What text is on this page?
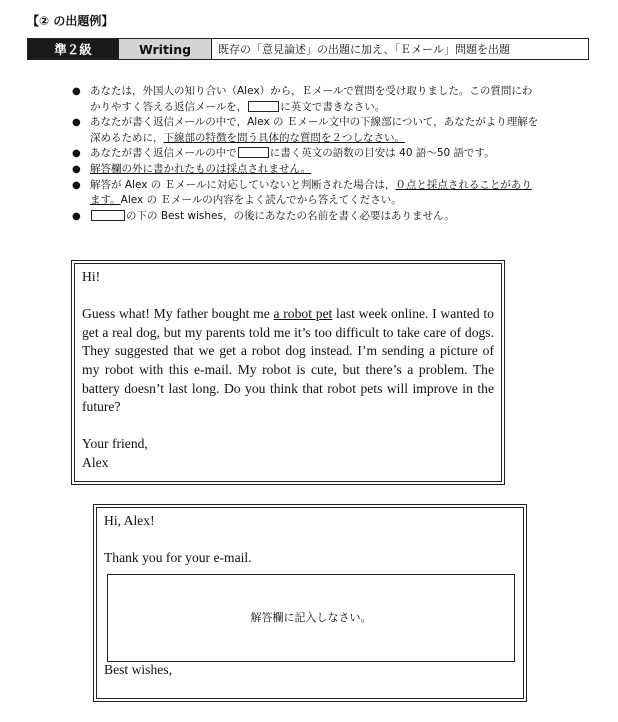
【② の出題例】
準２級	Writing	既存の「意見論述」の出題に加え、「Ｅメール」問題を出題
● あなたは，外国人の知り合い（Alex）から，Ｅメールで質問を受け取りました。この質問にわかりやすく答える返信メールを，	に英文で書きなさい。
● あなたが書く返信メールの中で，Alex の Ｅメール文中の下線部について，あなたがより理解を深めるために，下線部の特徴を問う具体的な質問を２つしなさい。
● あなたが書く返信メールの中で	に書く英文の語数の目安は 40 語〜50 語です。
● 解答欄の外に書かれたものは採点されません。
● 解答が Alex の Ｅメールに対応していないと判断された場合は，０点と採点されることがあります。Alex の Ｅメールの内容をよく読んでから答えてください。
●	の下の Best wishes，の後にあなたの名前を書く必要はありません。

Hi!

Guess what! My father bought me a robot pet last week online. I wanted to get a real dog, but my parents told me it’s too difficult to take care of dogs. They suggested that we get a robot dog instead. I’m sending a picture of my robot with this e-mail. My robot is cute, but there’s a problem. The battery doesn’t last long. Do you think that robot pets will improve in the future?

Your friend,

Alex

Hi, Alex!

Thank you for your e-mail.

解答欄に記入しなさい。

Best wishes,
